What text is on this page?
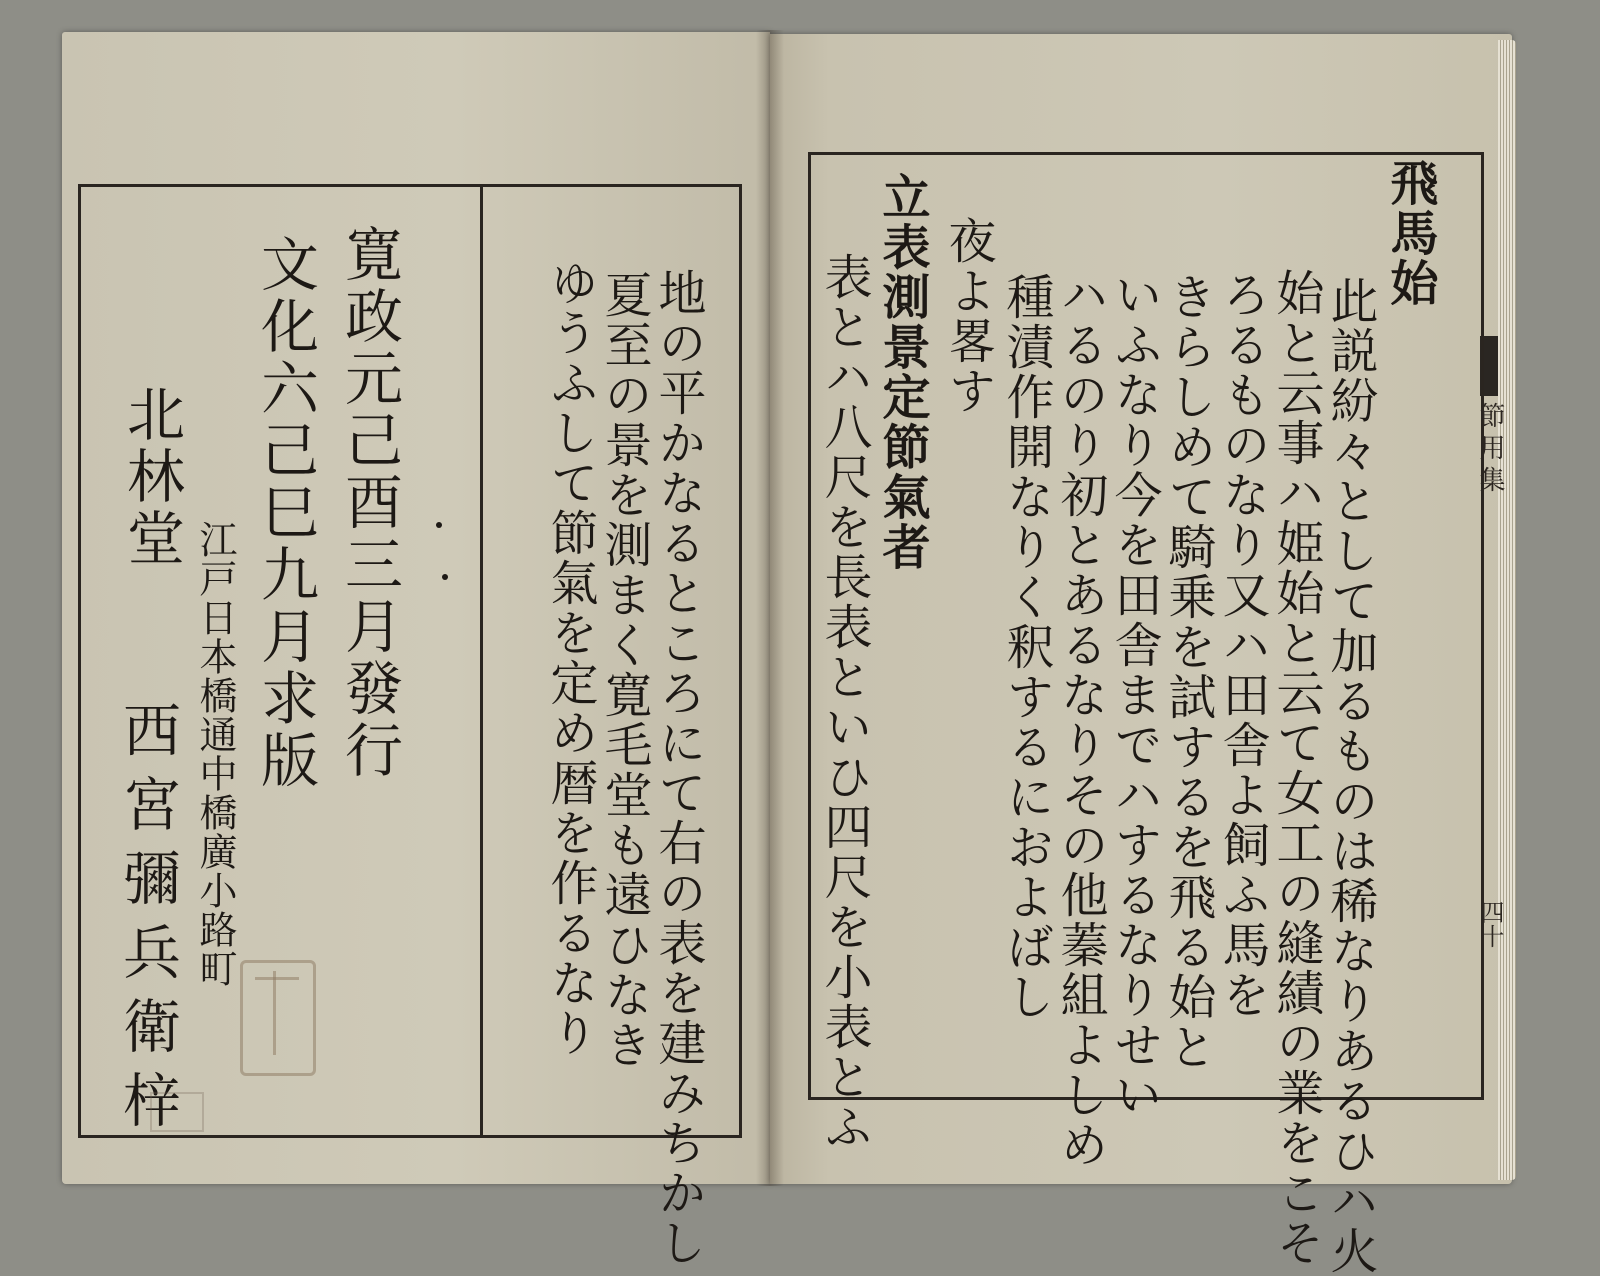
節用集
四十
寛政元己酉三月發行
文化六己巳九月求版
北林堂
江戸日本橋通中橋廣小路町
西宮彌兵衛梓	地の平かなるところにて右の表を建みちかし
夏至の景を測まく寛毛堂も遠ひなき
ゆうふして節氣を定め暦を作るなり
飛馬始
此説紛々として加るものは稀なりあるひハ火
始と云事ハ姫始と云て女工の縫績の業をこそ
ろるものなり又ハ田舎よ飼ふ馬を
きらしめて騎乗を試するを飛る始と
いふなり今を田舎までハするなりせい
ハるのり初とあるなりその他蓁組よしめ
種漬作開なりく釈するにおよばし
夜よ畧す
立表測景定節氣者
表とハ八尺を長表といひ四尺を小表とふ
